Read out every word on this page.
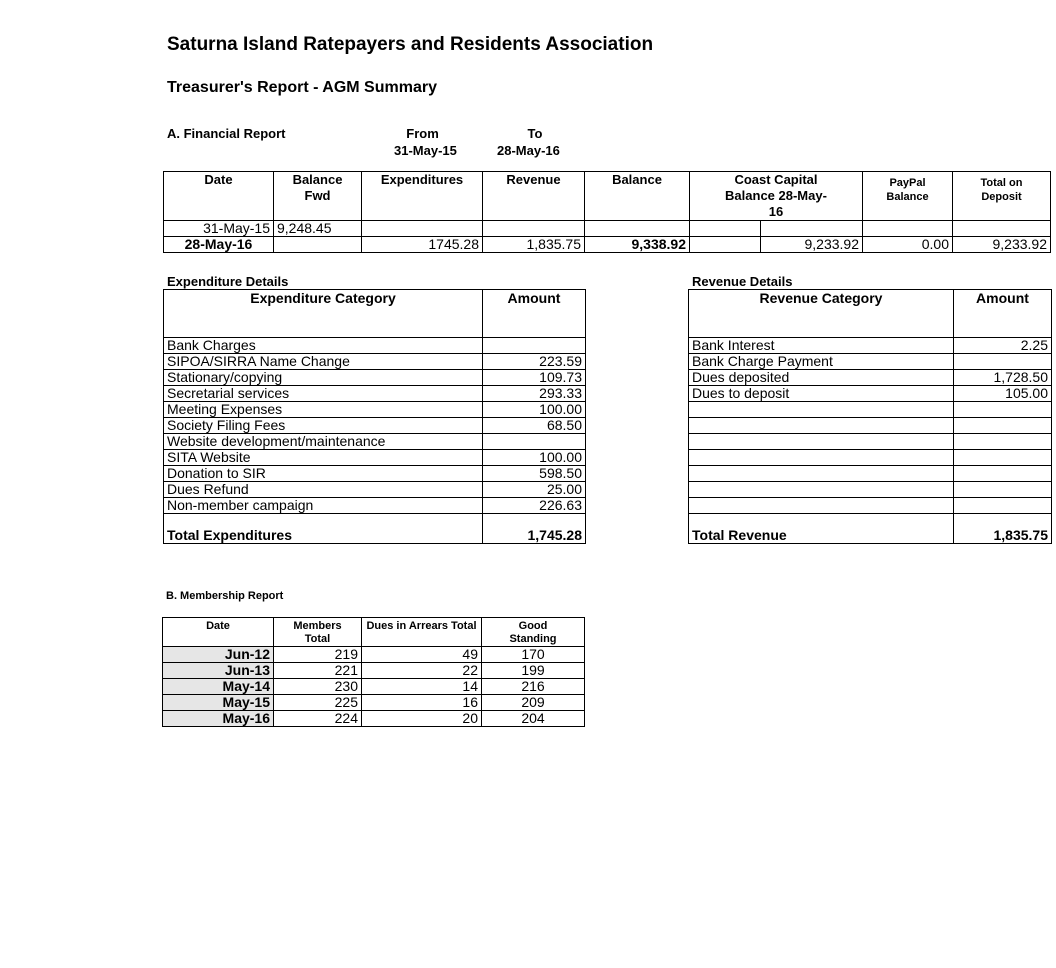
Saturna Island Ratepayers and Residents Association
Treasurer's Report - AGM Summary
A. Financial Report	From
31-May-15
To
28-May-16
Date	Balance Fwd	Expenditures	Revenue	Balance	Coast Capital Balance 28-May-16		PayPal Balance	Total on Deposit
31-May-15	9,248.45							
28-May-16		1745.28	1,835.75	9,338.92		9,233.92	0.00	9,233.92
Expenditure Details
Expenditure Category	Amount
Bank Charges	
SIPOA/SIRRA Name Change	223.59
Stationary/copying	109.73
Secretarial services	293.33
Meeting Expenses	100.00
Society Filing Fees	68.50
Website development/maintenance	
SITA Website	100.00
Donation to SIR	598.50
Dues Refund	25.00
Non-member campaign	226.63
Total Expenditures	1,745.28
Revenue Details
Revenue Category	Amount
Bank Interest	2.25
Bank Charge Payment	
Dues deposited	1,728.50
Dues to deposit	105.00

Total Revenue	1,835.75
B. Membership Report
Date	Members Total	Dues in Arrears Total	Good Standing
Jun-12	219	49	170
Jun-13	221	22	199
May-14	230	14	216
May-15	225	16	209
May-16	224	20	204
